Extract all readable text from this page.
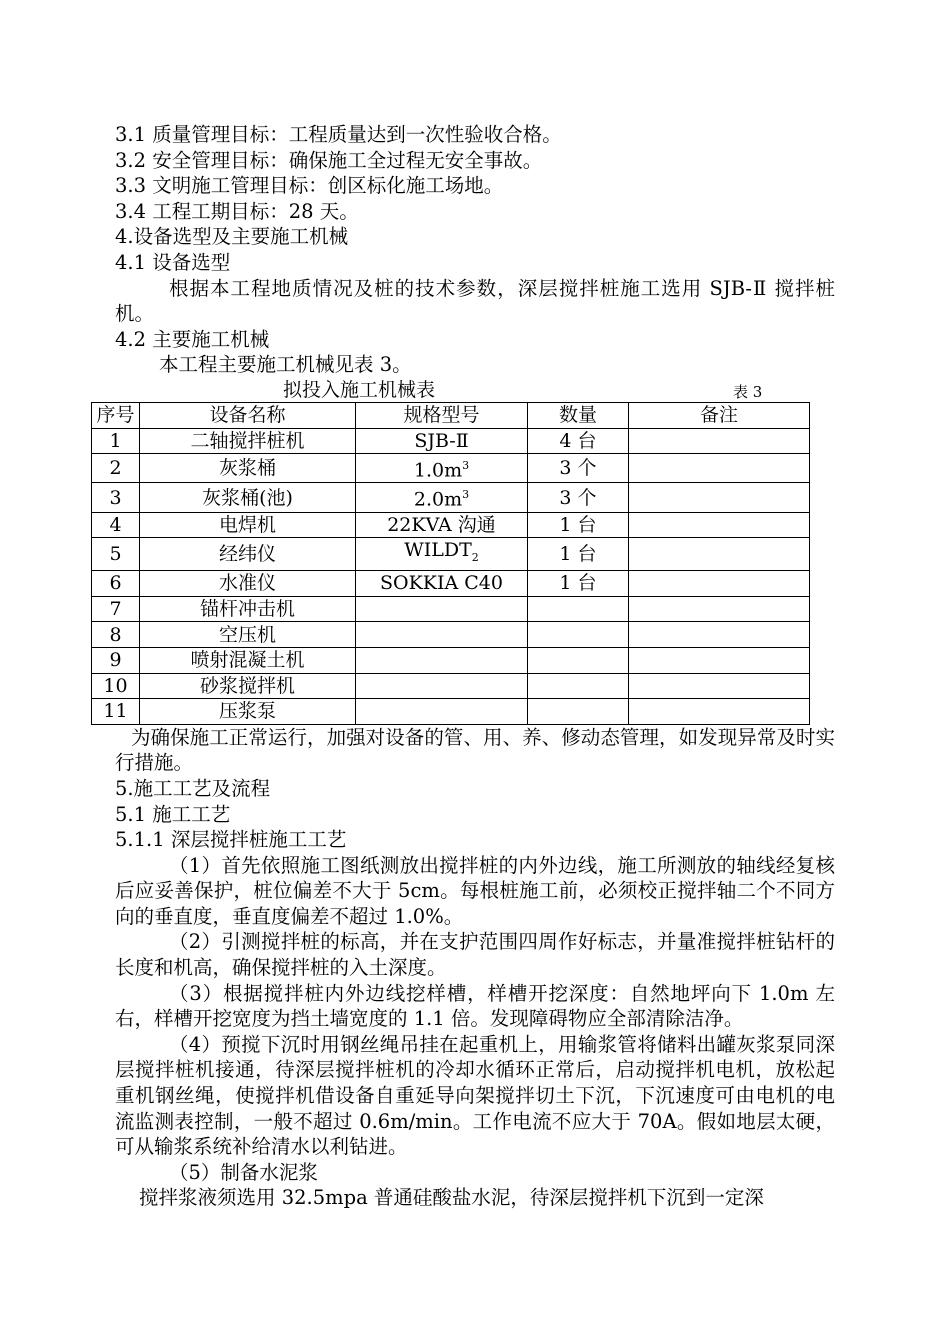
3.1 质量管理目标：工程质量达到一次性验收合格。
3.2 安全管理目标：确保施工全过程无安全事故。
3.3 文明施工管理目标：创区标化施工场地。
3.4 工程工期目标：28 天。
4.设备选型及主要施工机械
4.1 设备选型
根据本工程地质情况及桩的技术参数，深层搅拌桩施工选用 SJB-Ⅱ 搅拌桩机。
4.2 主要施工机械
本工程主要施工机械见表 3。
拟投入施工机械表	表 3
序号	设备名称	规格型号	数量	备注
1	二轴搅拌桩机	SJB-Ⅱ	4 台	
2	灰浆桶	$1.0m^3$	3 个	
3	灰浆桶(池)	$2.0m^3$	3 个	
4	电焊机	22KVA 沟通	1 台	
5	经纬仪	$WILDT_2$	1 台	
6	水准仪	SOKKIA C40	1 台	
7	锚杆冲击机			
8	空压机			
9	喷射混凝土机			
10	砂浆搅拌机			
11	压浆泵			
为确保施工正常运行，加强对设备的管、用、养、修动态管理，如发现异常及时实行措施。
5.施工工艺及流程
5.1 施工工艺
5.1.1 深层搅拌桩施工工艺
（1）首先依照施工图纸测放出搅拌桩的内外边线，施工所测放的轴线经复核后应妥善保护，桩位偏差不大于 5cm。每根桩施工前，必须校正搅拌轴二个不同方向的垂直度，垂直度偏差不超过 1.0%。
（2）引测搅拌桩的标高，并在支护范围四周作好标志，并量准搅拌桩钻杆的长度和机高，确保搅拌桩的入土深度。
（3）根据搅拌桩内外边线挖样槽，样槽开挖深度：自然地坪向下 1.0m 左右，样槽开挖宽度为挡土墙宽度的 1.1 倍。发现障碍物应全部清除洁净。
（4）预搅下沉时用钢丝绳吊挂在起重机上，用输浆管将储料出罐灰浆泵同深层搅拌桩机接通，待深层搅拌桩机的冷却水循环正常后，启动搅拌机电机，放松起重机钢丝绳，使搅拌机借设备自重延导向架搅拌切土下沉，下沉速度可由电机的电流监测表控制，一般不超过 0.6m/min。工作电流不应大于 70A。假如地层太硬，可从输浆系统补给清水以利钻进。
（5）制备水泥浆
搅拌浆液须选用 32.5mpa 普通硅酸盐水泥，待深层搅拌机下沉到一定深
